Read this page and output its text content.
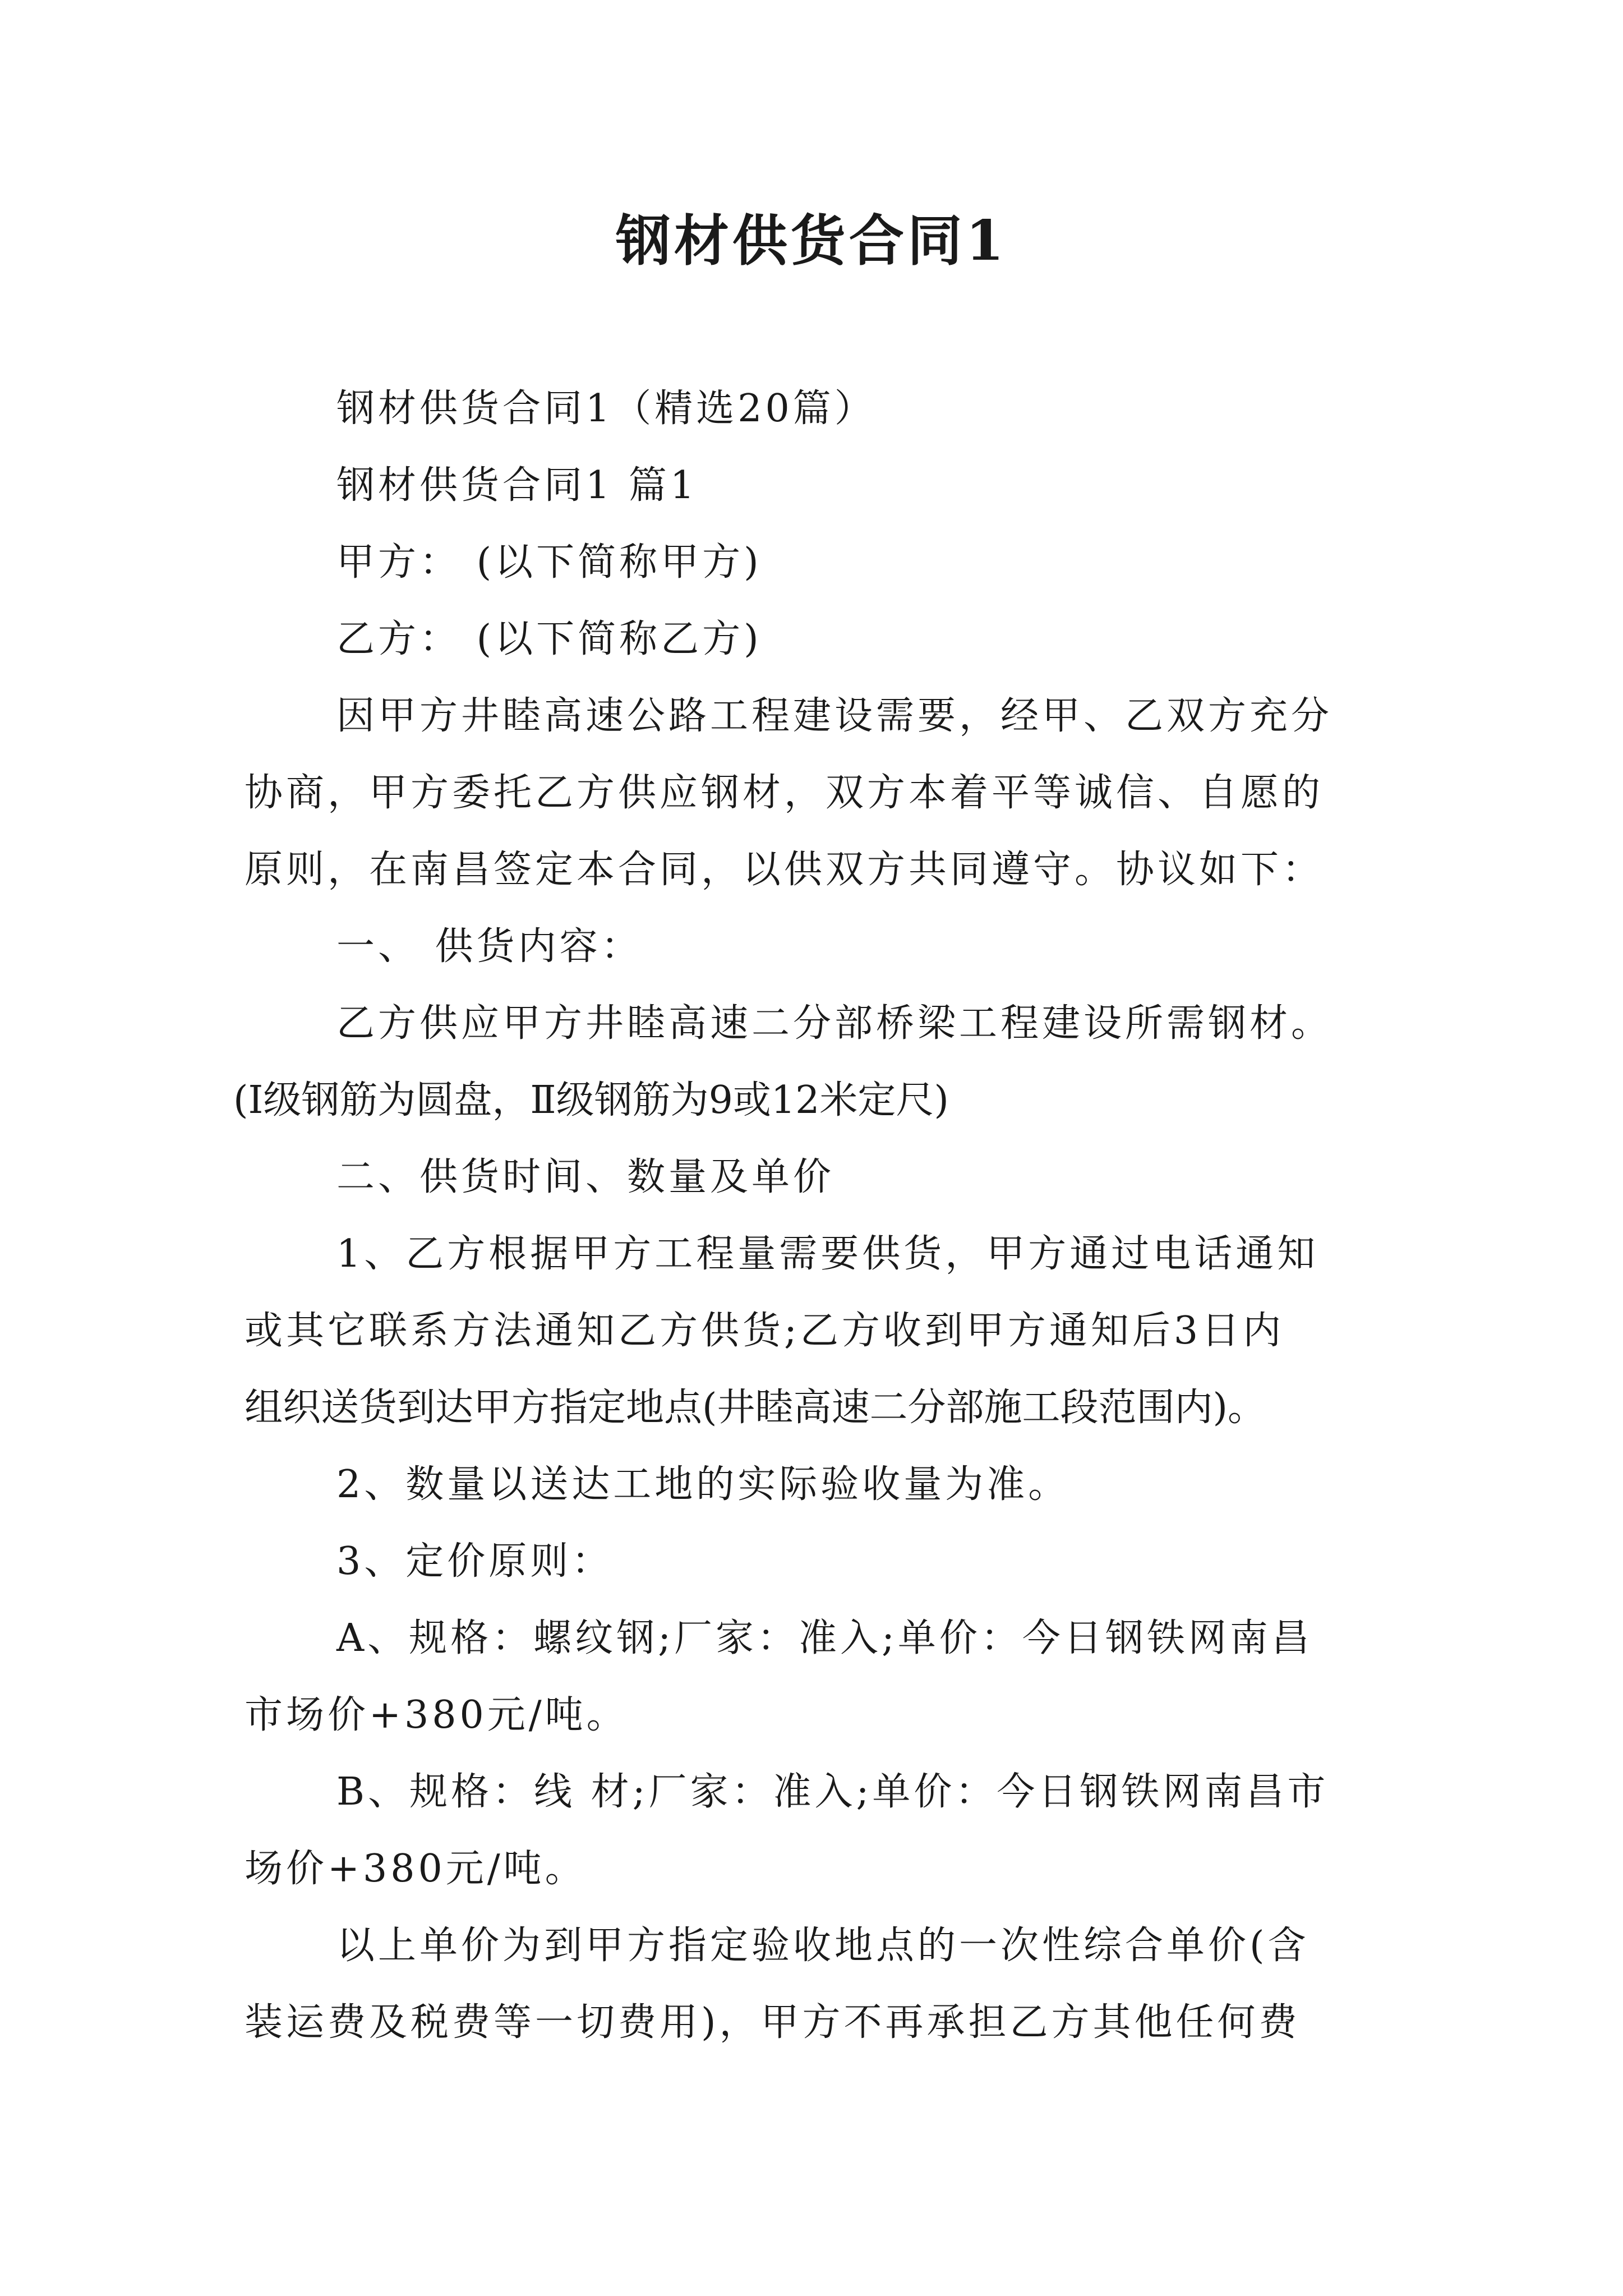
钢材供货合同1

钢材供货合同1（精选20篇）

钢材供货合同1 篇1

甲方： (以下简称甲方)

乙方： (以下简称乙方)

因甲方井睦高速公路工程建设需要，经甲、乙双方充分

协商，甲方委托乙方供应钢材，双方本着平等诚信、自愿的

原则，在南昌签定本合同，以供双方共同遵守。协议如下：

一、 供货内容：

乙方供应甲方井睦高速二分部桥梁工程建设所需钢材。

(Ⅰ级钢筋为圆盘，Ⅱ级钢筋为9或12米定尺)

二、供货时间、数量及单价

1、乙方根据甲方工程量需要供货，甲方通过电话通知

或其它联系方法通知乙方供货;乙方收到甲方通知后3日内

组织送货到达甲方指定地点(井睦高速二分部施工段范围内)。

2、数量以送达工地的实际验收量为准。

3、定价原则：

A、规格：螺纹钢;厂家：准入;单价：今日钢铁网南昌

市场价+380元/吨。

B、规格：线 材;厂家：准入;单价：今日钢铁网南昌市

场价+380元/吨。

以上单价为到甲方指定验收地点的一次性综合单价(含

装运费及税费等一切费用)，甲方不再承担乙方其他任何费
